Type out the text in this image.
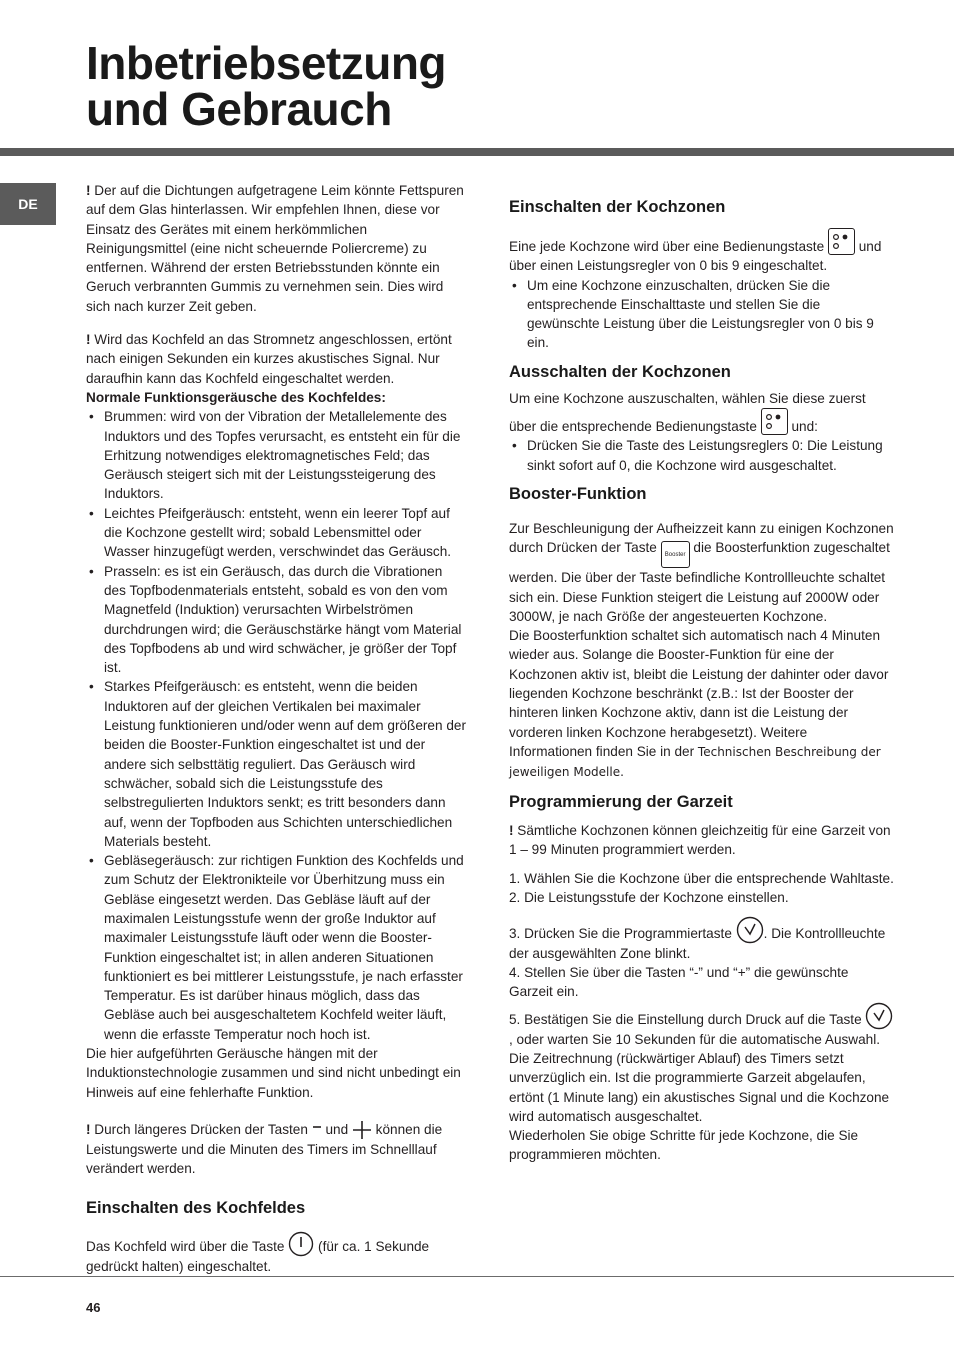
Inbetriebsetzung
und Gebrauch
DE

! Der auf die Dichtungen aufgetragene Leim könnte Fettspuren auf dem Glas hinterlassen. Wir empfehlen Ihnen, diese vor Einsatz des Gerätes mit einem herkömmlichen Reinigungsmittel (eine nicht scheuernde Poliercreme) zu entfernen. Während der ersten Betriebsstunden könnte ein Geruch verbrannten Gummis zu vernehmen sein. Dies wird sich nach kurzer Zeit geben.

! Wird das Kochfeld an das Stromnetz angeschlossen, ertönt nach einigen Sekunden ein kurzes akustisches Signal. Nur daraufhin kann das Kochfeld eingeschaltet werden.

Normale Funktionsgeräusche des Kochfeldes:

• Brummen: wird von der Vibration der Metallelemente des Induktors und des Topfes verursacht, es entsteht ein für die Erhitzung notwendiges elektromagnetisches Feld; das Geräusch steigert sich mit der Leistungssteigerung des Induktors.
• Leichtes Pfeifgeräusch: entsteht, wenn ein leerer Topf auf die Kochzone gestellt wird; sobald Lebensmittel oder Wasser hinzugefügt werden, verschwindet das Geräusch.
• Prasseln: es ist ein Geräusch, das durch die Vibrationen des Topfbodenmaterials entsteht, sobald es von den vom Magnetfeld (Induktion) verursachten Wirbelströmen durchdrungen wird; die Geräuschstärke hängt vom Material des Topfbodens ab und wird schwächer, je größer der Topf ist.
• Starkes Pfeifgeräusch: es entsteht, wenn die beiden Induktoren auf der gleichen Vertikalen bei maximaler Leistung funktionieren und/oder wenn auf dem größeren der beiden die Booster-Funktion eingeschaltet ist und der andere sich selbsttätig reguliert. Das Geräusch wird schwächer, sobald sich die Leistungsstufe des selbstregulierten Induktors senkt; es tritt besonders dann auf, wenn der Topfboden aus Schichten unterschiedlichen Materials besteht.
• Gebläsegeräusch: zur richtigen Funktion des Kochfelds und zum Schutz der Elektronikteile vor Überhitzung muss ein Gebläse eingesetzt werden. Das Gebläse läuft auf der maximalen Leistungsstufe wenn der große Induktor auf maximaler Leistungsstufe läuft oder wenn die Booster-Funktion eingeschaltet ist; in allen anderen Situationen funktioniert es bei mittlerer Leistungsstufe, je nach erfasster Temperatur. Es ist darüber hinaus möglich, dass das Gebläse auch bei ausgeschaltetem Kochfeld weiter läuft, wenn die erfasste Temperatur noch hoch ist.

Die hier aufgeführten Geräusche hängen mit der Induktionstechnologie zusammen und sind nicht unbedingt ein Hinweis auf eine fehlerhafte Funktion.

! Durch längeres Drücken der Tasten
und
können die Leistungswerte und die Minuten des Timers im Schnelllauf verändert werden.

Einschalten des Kochfeldes

Das Kochfeld wird über die Taste
(für ca. 1 Sekunde gedrückt halten) eingeschaltet.

Einschalten der Kochzonen

Eine jede Kochzone wird über eine Bedienungstaste
und über einen Leistungsregler von 0 bis 9 eingeschaltet.

• Um eine Kochzone einzuschalten, drücken Sie die entsprechende Einschalttaste und stellen Sie die gewünschte Leistung über die Leistungsregler von 0 bis 9 ein.

Ausschalten der Kochzonen

Um eine Kochzone auszuschalten, wählen Sie diese zuerst über die entsprechende Bedienungstaste
und:

• Drücken Sie die Taste des Leistungsreglers 0: Die Leistung sinkt sofort auf 0, die Kochzone wird ausgeschaltet.

Booster-Funktion

Zur Beschleunigung der Aufheizzeit kann zu einigen Kochzonen durch Drücken der Taste Booster die Boosterfunktion zugeschaltet werden. Die über der Taste befindliche Kontrollleuchte schaltet sich ein. Diese Funktion steigert die Leistung auf 2000W oder 3000W, je nach Größe der angesteuerten Kochzone.

Die Boosterfunktion schaltet sich automatisch nach 4 Minuten wieder aus. Solange die Booster-Funktion für eine der Kochzonen aktiv ist, bleibt die Leistung der dahinter oder davor liegenden Kochzone beschränkt (z.B.: Ist der Booster der hinteren linken Kochzone aktiv, dann ist die Leistung der vorderen linken Kochzone herabgesetzt). Weitere Informationen finden Sie in der Technischen Beschreibung der jeweiligen Modelle.

Programmierung der Garzeit

! Sämtliche Kochzonen können gleichzeitig für eine Garzeit von 1 – 99 Minuten programmiert werden.

1. Wählen Sie die Kochzone über die entsprechende Wahltaste.

2. Die Leistungsstufe der Kochzone einstellen.

3. Drücken Sie die Programmiertaste
. Die Kontrollleuchte der ausgewählten Zone blinkt.

4. Stellen Sie über die Tasten “-” und “+” die gewünschte Garzeit ein.

5. Bestätigen Sie die Einstellung durch Druck auf die Taste
, oder warten Sie 10 Sekunden für die automatische Auswahl.

Die Zeitrechnung (rückwärtiger Ablauf) des Timers setzt unverzüglich ein. Ist die programmierte Garzeit abgelaufen, ertönt (1 Minute lang) ein akustisches Signal und die Kochzone wird automatisch ausgeschaltet.

Wiederholen Sie obige Schritte für jede Kochzone, die Sie programmieren möchten.

46
